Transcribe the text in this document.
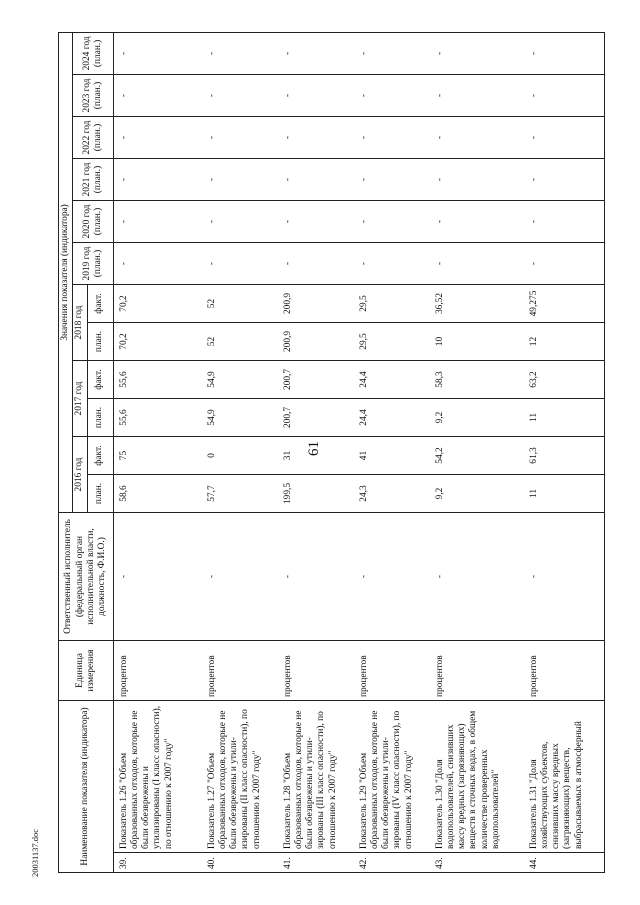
61
Наименование показателя (индикатора)		Единица измерения	Ответственный исполнитель (федеральный орган исполнительной власти, должность, Ф.И.О.)	Значения показателя (индикатора)											
				2016 год		2017 год		2018 год		2019 год (план.)	2020 год (план.)	2021 год (план.)	2022 год (план.)	2023 год (план.)	2024 год (план.)
				план.	факт.	план.	факт.	план.	факт.						

39.	Показатель 1.26 "Объем образованных отходов, которые не были обезврежены и утилизированы (I класс опасности), по отношению к 2007 году"	процентов	-	58,6	75	55,6	55,6	70,2	70,2	-	-	-	-	-	-
40.	Показатель 1.27 "Объем образованных отходов, которые не были обезврежены и утили-изированы (II класс опасности), по отношению к 2007 году"	процентов	-	57,7	0	54,9	54,9	52	52	-	-	-	-	-	-
41.	Показатель 1.28 "Объем образованных отходов, которые не были обезврежены и утили-зированы (III класс опасности), по отношению к 2007 году"	процентов	-	199,5	31	200,7	200,7	200,9	200,9	-	-	-	-	-	-
42.	Показатель 1.29 "Объем образованных отходов, которые не были обезврежены и утили-зированы (IV класс опасности), по отношению к 2007 году"	процентов	-	24,3	41	24,4	24,4	29,5	29,5	-	-	-	-	-	-
43.	Показатель 1.30 "Доля водопользователей, снизивших массу вредных (загрязняющих) веществ в сточных водах, в общем количестве проверенных водопользователей"	процентов	-	9,2	54,2	9,2	58,3	10	36,52	-	-	-	-	-	-
44.	Показатель 1.31 "Доля хозяйствующих субъектов, снизивших массу вредных (загрязняющих) веществ, выбрасываемых в атмосферный	процентов	-	11	61,3	11	63,2	12	49,275	-	-	-	-	-	-
20031137.doc
